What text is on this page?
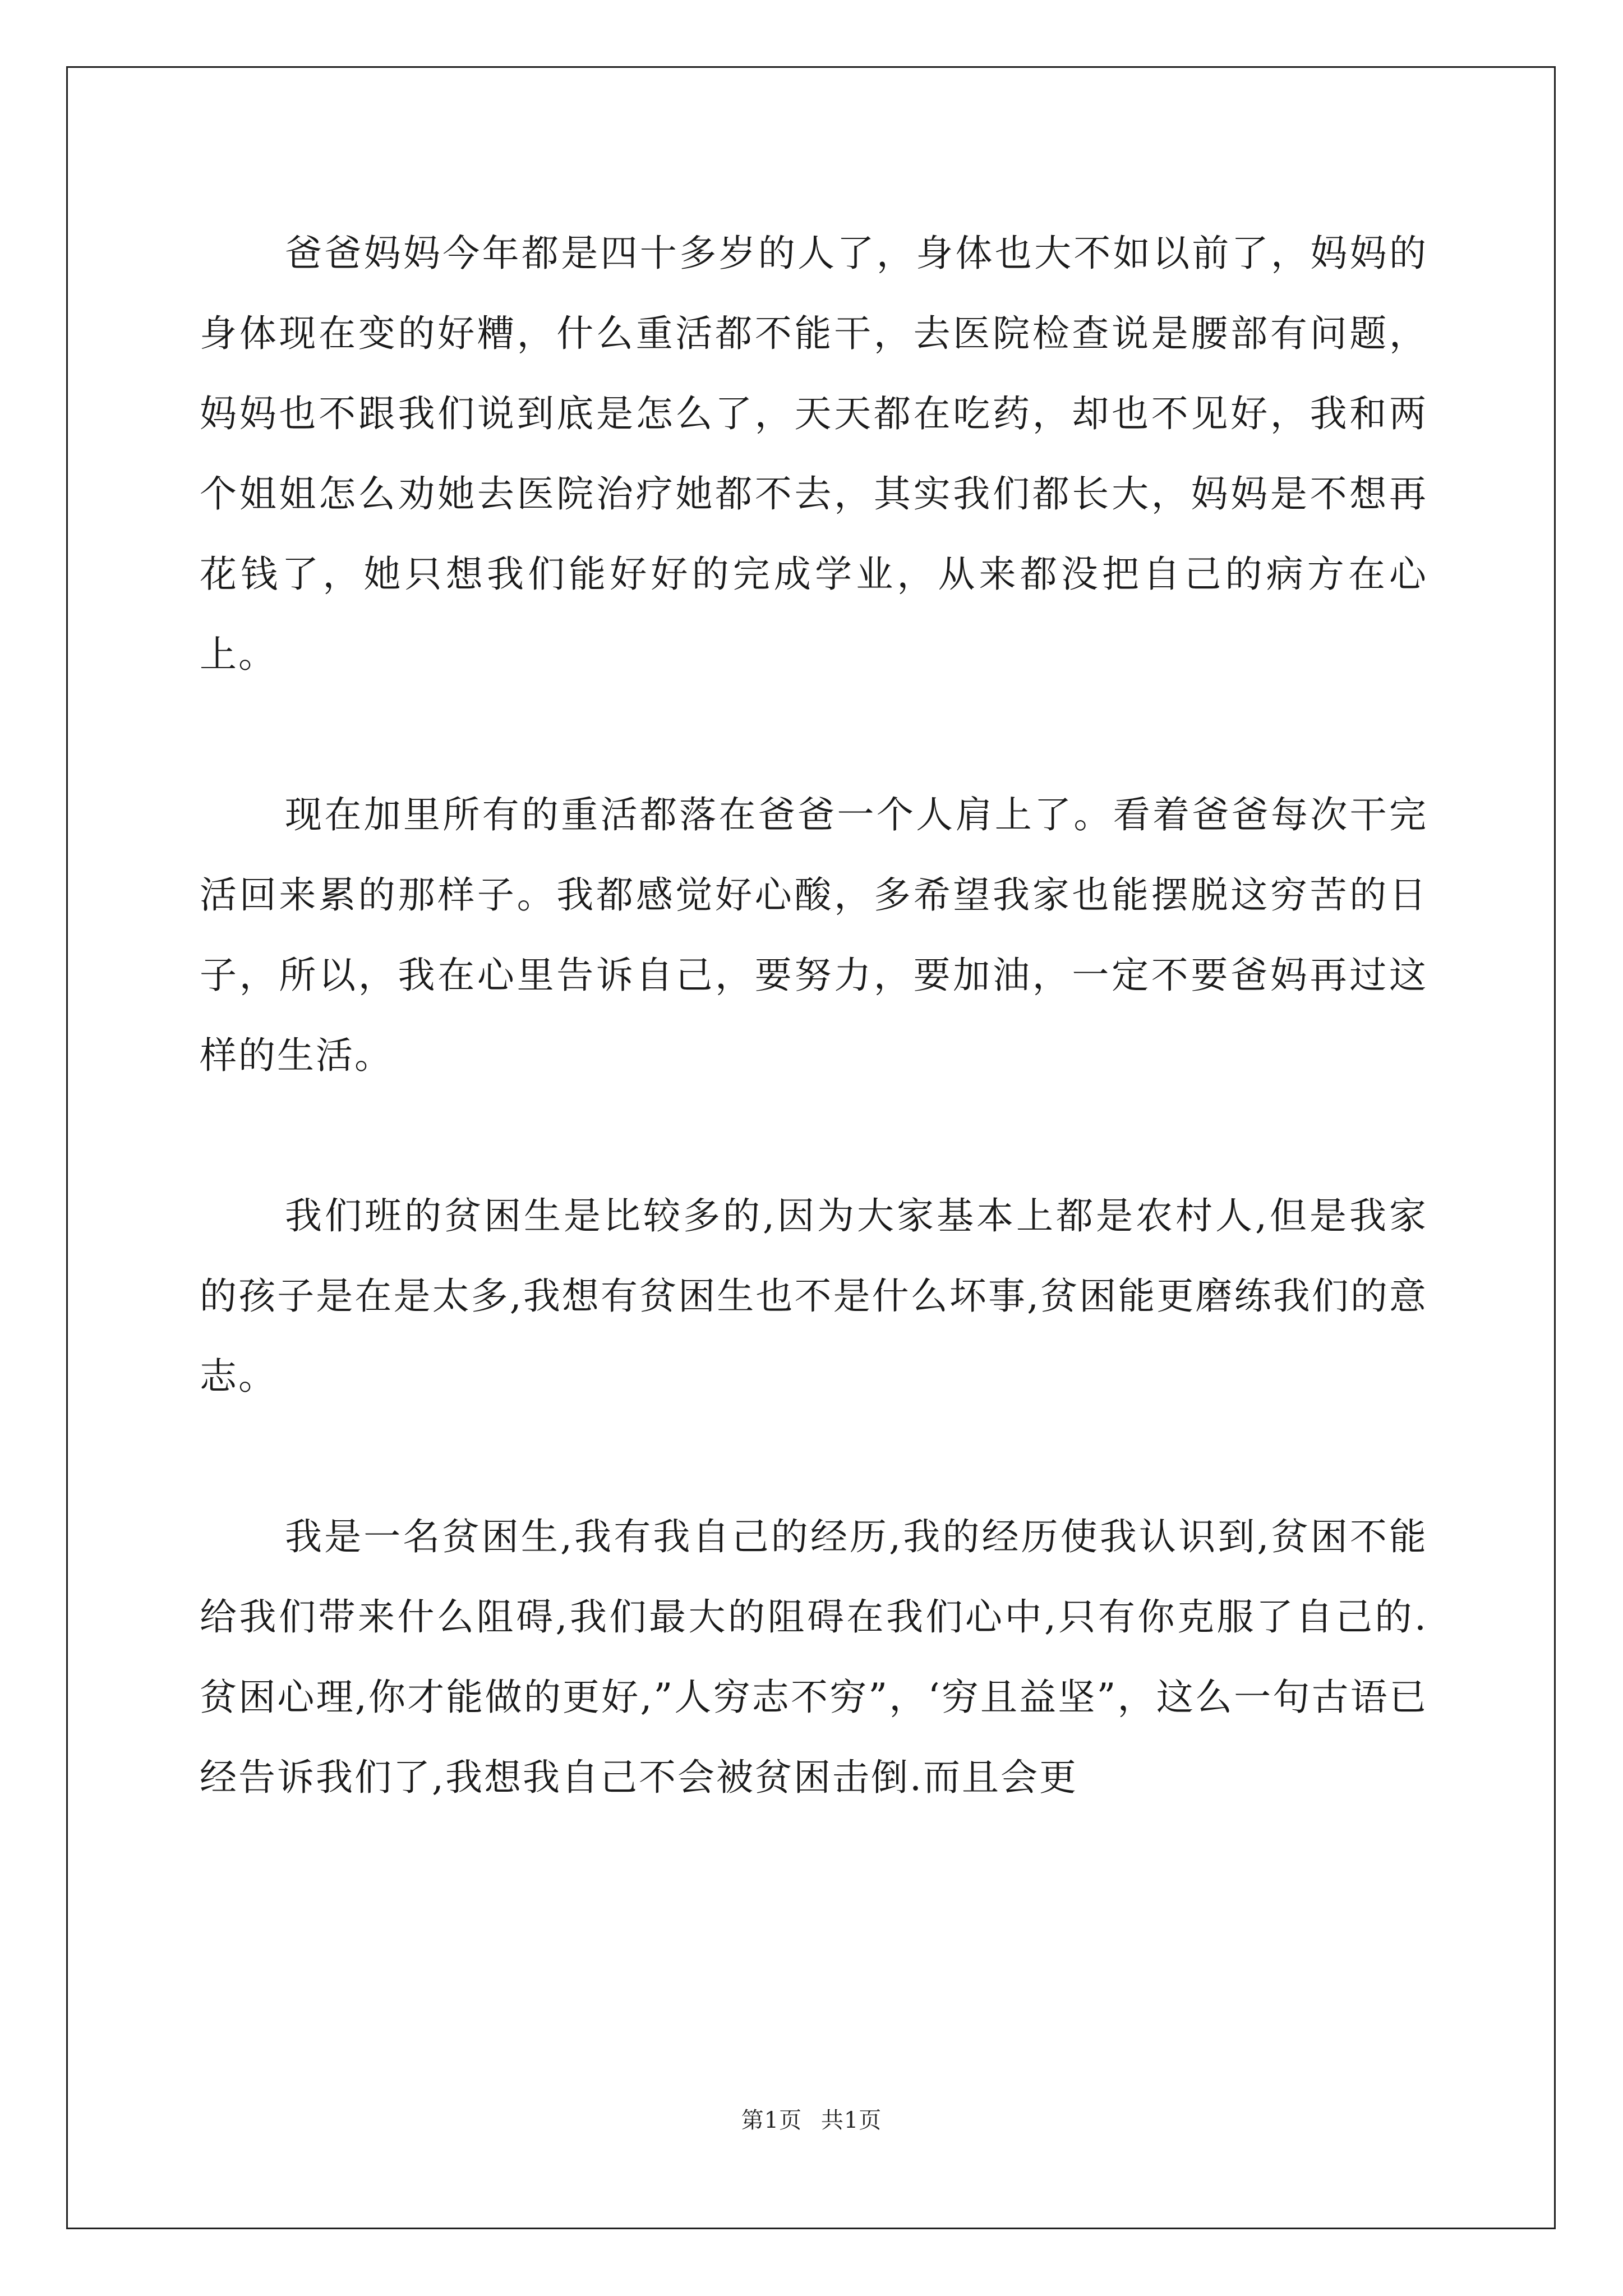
爸爸妈妈今年都是四十多岁的人了，身体也大不如以前了，妈妈的身体现在变的好糟，什么重活都不能干，去医院检查说是腰部有问题，妈妈也不跟我们说到底是怎么了，天天都在吃药，却也不见好，我和两个姐姐怎么劝她去医院治疗她都不去，其实我们都长大，妈妈是不想再花钱了，她只想我们能好好的完成学业，从来都没把自己的病方在心上。

现在加里所有的重活都落在爸爸一个人肩上了。看着爸爸每次干完活回来累的那样子。我都感觉好心酸，多希望我家也能摆脱这穷苦的日子，所以，我在心里告诉自己，要努力，要加油，一定不要爸妈再过这样的生活。

我们班的贫困生是比较多的,因为大家基本上都是农村人,但是我家的孩子是在是太多,我想有贫困生也不是什么坏事,贫困能更磨练我们的意志。

我是一名贫困生,我有我自己的经历,我的经历使我认识到,贫困不能给我们带来什么阻碍,我们最大的阻碍在我们心中,只有你克服了自己的.贫困心理,你才能做的更好,”人穷志不穷”，‘穷且益坚”，这么一句古语已经告诉我们了,我想我自己不会被贫困击倒.而且会更

第1页 共1页
